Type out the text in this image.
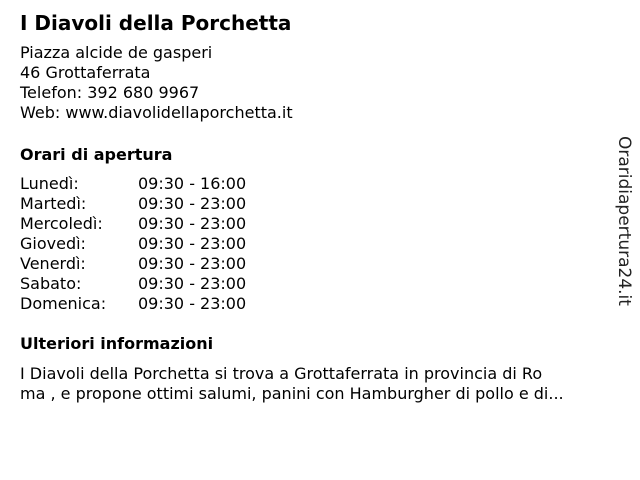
I Diavoli della Porchetta
Piazza alcide de gasperi
46 Grottaferrata
Telefon: 392 680 9967
Web: www.diavolidellaporchetta.it
Orari di apertura
Lunedì:	09:30 - 16:00
Martedì:	09:30 - 23:00
Mercoledì: 09:30 - 23:00
Giovedì:	09:30 - 23:00
Venerdì:	09:30 - 23:00
Sabato:	09:30 - 23:00
Domenica: 09:30 - 23:00
Ulteriori informazioni
I Diavoli della Porchetta si trova a Grottaferrata in provincia di Ro
ma , e propone ottimi salumi, panini con Hamburgher di pollo e di...
Oraridiapertura24.it
